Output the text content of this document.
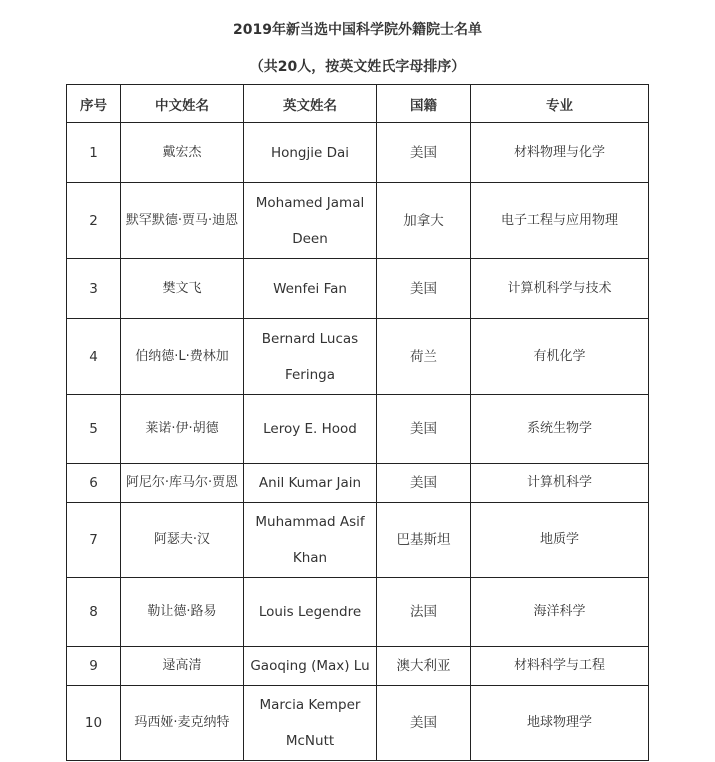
2019年新当选中国科学院外籍院士名单
（共20人，按英文姓氏字母排序）
序号	中文姓名	英文姓名	国籍	专业
1	戴宏杰	Hongjie Dai	美国	材料物理与化学
2	默罕默德·贾马·迪恩	Mohamed Jamal
Deen	加拿大	电子工程与应用物理
3	樊文飞	Wenfei Fan	美国	计算机科学与技术
4	伯纳德·L·费林加	Bernard Lucas
Feringa	荷兰	有机化学
5	莱诺·伊·胡德	Leroy E. Hood	美国	系统生物学
6	阿尼尔·库马尔·贾恩	Anil Kumar Jain	美国	计算机科学
7	阿瑟夫·汉	Muhammad Asif
Khan	巴基斯坦	地质学
8	勒让德·路易	Louis Legendre	法国	海洋科学
9	逯高清	Gaoqing (Max) Lu	澳大利亚	材料科学与工程
10	玛西娅·麦克纳特	Marcia Kemper
McNutt	美国	地球物理学
